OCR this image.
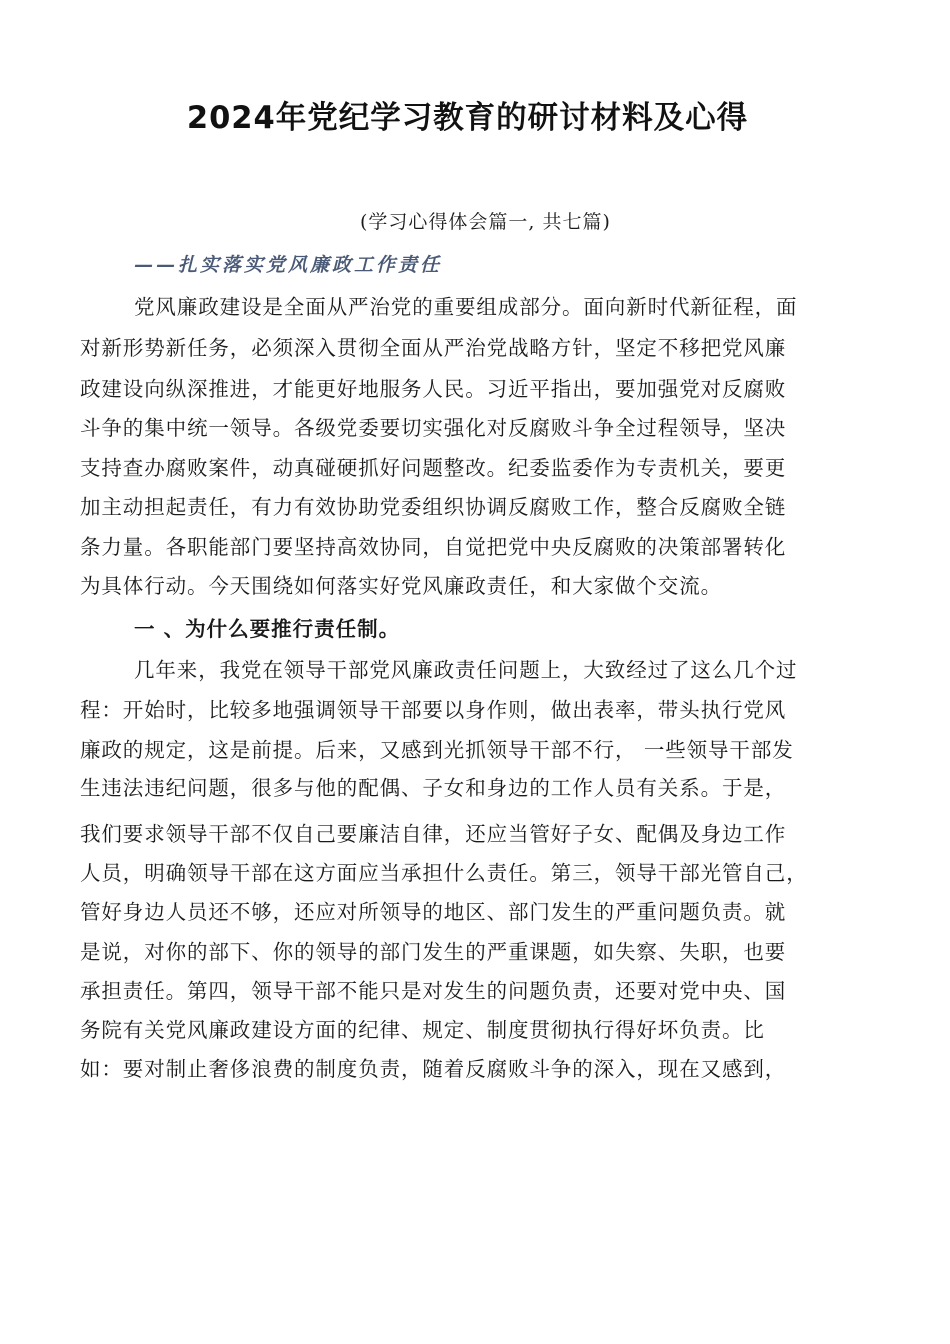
2024年党纪学习教育的研讨材料及心得
(学习心得体会篇一, 共七篇)
——扎实落实党风廉政工作责任
党风廉政建设是全面从严治党的重要组成部分。面向新时代新征程，面
对新形势新任务，必须深入贯彻全面从严治党战略方针，坚定不移把党风廉
政建设向纵深推进，才能更好地服务人民。习近平指出，要加强党对反腐败
斗争的集中统一领导。各级党委要切实强化对反腐败斗争全过程领导，坚决
支持查办腐败案件，动真碰硬抓好问题整改。纪委监委作为专责机关，要更
加主动担起责任，有力有效协助党委组织协调反腐败工作，整合反腐败全链
条力量。各职能部门要坚持高效协同，自觉把党中央反腐败的决策部署转化
为具体行动。今天围绕如何落实好党风廉政责任，和大家做个交流。
一 、为什么要推行责任制。
几年来，我党在领导干部党风廉政责任问题上，大致经过了这么几个过
程：开始时，比较多地强调领导干部要以身作则，做出表率，带头执行党风
廉政的规定，这是前提。后来，又感到光抓领导干部不行， 一些领导干部发
生违法违纪问题，很多与他的配偶、子女和身边的工作人员有关系。于是，
我们要求领导干部不仅自己要廉洁自律，还应当管好子女、配偶及身边工作
人员，明确领导干部在这方面应当承担什么责任。第三，领导干部光管自己，
管好身边人员还不够，还应对所领导的地区、部门发生的严重问题负责。就
是说，对你的部下、你的领导的部门发生的严重课题，如失察、失职，也要
承担责任。第四，领导干部不能只是对发生的问题负责，还要对党中央、国
务院有关党风廉政建设方面的纪律、规定、制度贯彻执行得好坏负责。比
如：要对制止奢侈浪费的制度负责，随着反腐败斗争的深入，现在又感到，
